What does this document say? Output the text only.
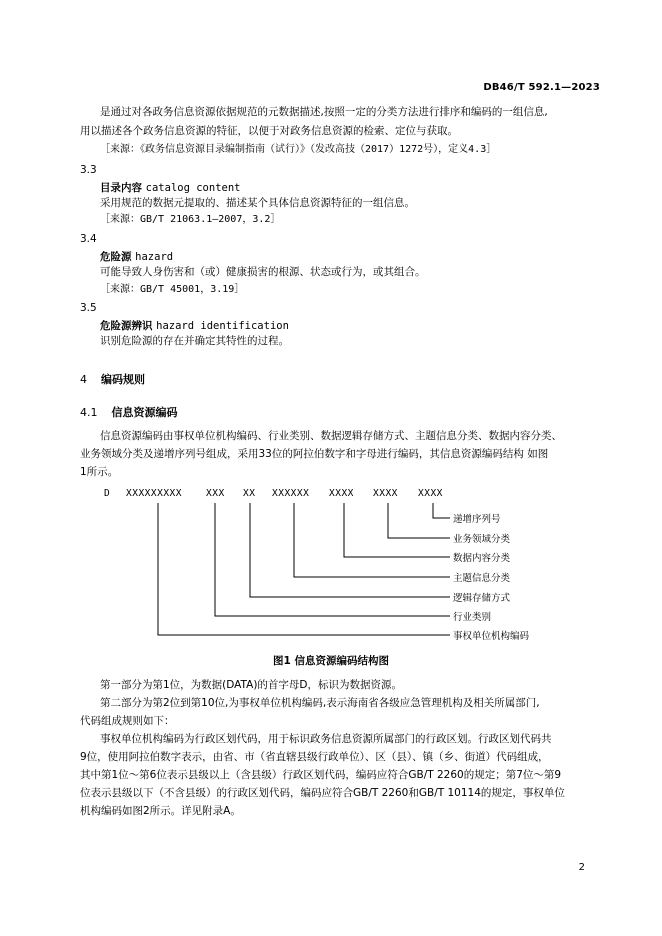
DB46/T 592.1—2023
是通过对各政务信息资源依据规范的元数据描述,按照一定的分类方法进行排序和编码的一组信息,
用以描述各个政务信息资源的特征，以便于对政务信息资源的检索、定位与获取。
［来源：《政务信息资源目录编制指南（试行）》（发改高技（2017）1272号），定义4.3］
3.3
目录内容 catalog content
采用规范的数据元提取的、描述某个具体信息资源特征的一组信息。
［来源：GB/T 21063.1—2007，3.2］
3.4
危险源 hazard
可能导致人身伤害和（或）健康损害的根源、状态或行为，或其组合。
［来源：GB/T 45001，3.19］
3.5
危险源辨识 hazard identification
识别危险源的存在并确定其特性的过程。
4 编码规则
4.1 信息资源编码
信息资源编码由事权单位机构编码、行业类别、数据逻辑存储方式、主题信息分类、数据内容分类、
业务领域分类及递增序列号组成，采用33位的阿拉伯数字和字母进行编码，其信息资源编码结构 如图
1所示。
D XXXXXXXXX	XXX XX XXXXXX XXXX XXXX XXXX
递增序列号
业务领域分类
数据内容分类
主题信息分类
逻辑存储方式
行业类别
事权单位机构编码
图1 信息资源编码结构图
第一部分为第1位，为数据(DATA)的首字母D，标识为数据资源。
第二部分为第2位到第10位,为事权单位机构编码,表示海南省各级应急管理机构及相关所属部门,
代码组成规则如下：
事权单位机构编码为行政区划代码，用于标识政务信息资源所属部门的行政区划。行政区划代码共
9位，使用阿拉伯数字表示，由省、市（省直辖县级行政单位）、区（县）、镇（乡、街道）代码组成，
其中第1位～第6位表示县级以上（含县级）行政区划代码，编码应符合GB/T 2260的规定；第7位～第9
位表示县级以下（不含县级）的行政区划代码，编码应符合GB/T 2260和GB/T 10114的规定，事权单位
机构编码如图2所示。详见附录A。
2
